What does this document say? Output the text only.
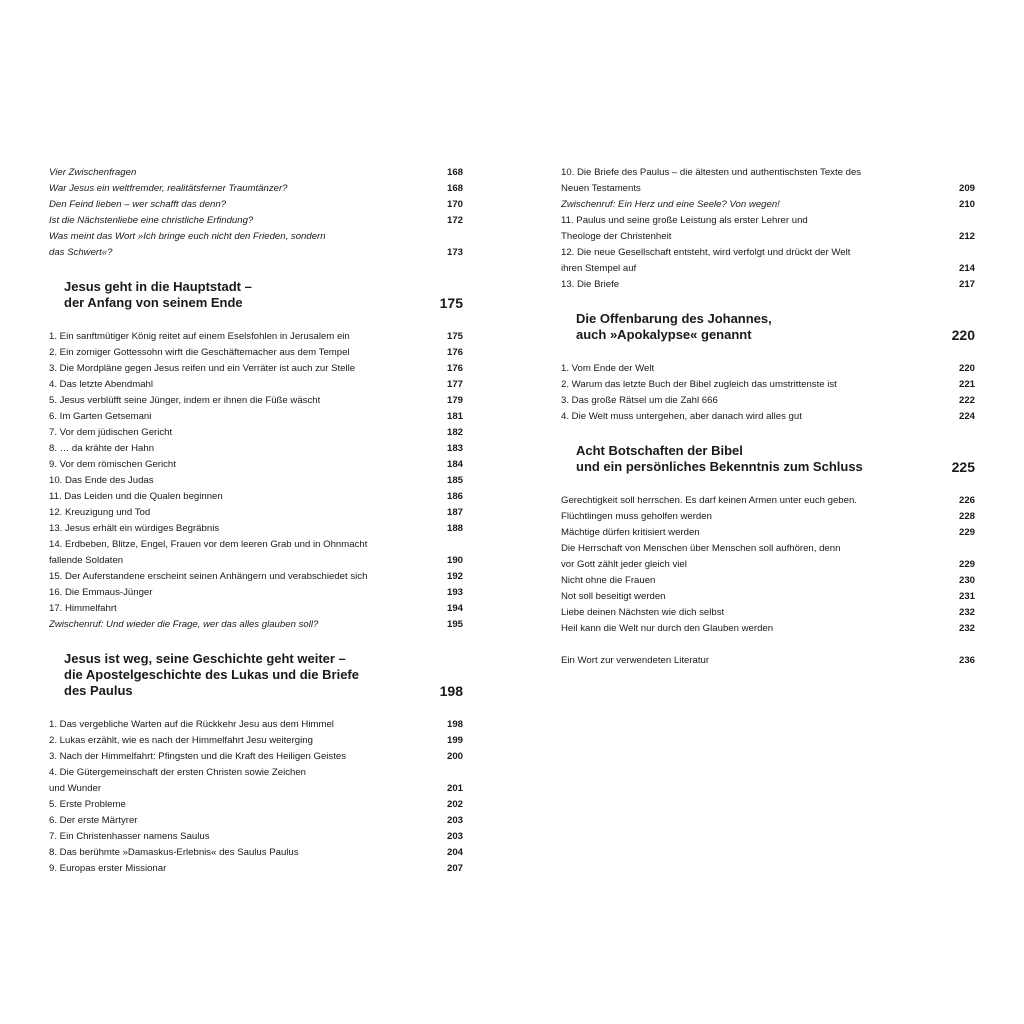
Vier Zwischenfragen	168
War Jesus ein weltfremder, realitätsferner Traumtänzer?	168
Den Feind lieben – wer schafft das denn?	170
Ist die Nächstenliebe eine christliche Erfindung?	172
Was meint das Wort »Ich bringe euch nicht den Frieden, sondern
das Schwert«?	173
Jesus geht in die Hauptstadt –
der Anfang von seinem Ende	175
1. Ein sanftmütiger König reitet auf einem Eselsfohlen in Jerusalem ein	175
2. Ein zorniger Gottessohn wirft die Geschäftemacher aus dem Tempel	176
3. Die Mordpläne gegen Jesus reifen und ein Verräter ist auch zur Stelle	176
4. Das letzte Abendmahl	177
5. Jesus verblüfft seine Jünger, indem er ihnen die Füße wäscht	179
6. Im Garten Getsemani	181
7. Vor dem jüdischen Gericht	182
8. … da krähte der Hahn	183
9. Vor dem römischen Gericht	184
10. Das Ende des Judas	185
11. Das Leiden und die Qualen beginnen	186
12. Kreuzigung und Tod	187
13. Jesus erhält ein würdiges Begräbnis	188
14. Erdbeben, Blitze, Engel, Frauen vor dem leeren Grab und in Ohnmacht
fallende Soldaten	190
15. Der Auferstandene erscheint seinen Anhängern und verabschiedet sich	192
16. Die Emmaus-Jünger	193
17. Himmelfahrt	194
Zwischenruf: Und wieder die Frage, wer das alles glauben soll?	195
Jesus ist weg, seine Geschichte geht weiter –
die Apostelgeschichte des Lukas und die Briefe
des Paulus	198
1. Das vergebliche Warten auf die Rückkehr Jesu aus dem Himmel	198
2. Lukas erzählt, wie es nach der Himmelfahrt Jesu weiterging	199
3. Nach der Himmelfahrt: Pfingsten und die Kraft des Heiligen Geistes	200
4. Die Gütergemeinschaft der ersten Christen sowie Zeichen
und Wunder	201
5. Erste Probleme	202
6. Der erste Märtyrer	203
7. Ein Christenhasser namens Saulus	203
8. Das berühmte »Damaskus-Erlebnis« des Saulus Paulus	204
9. Europas erster Missionar	207
10. Die Briefe des Paulus – die ältesten und authentischsten Texte des
Neuen Testaments	209
Zwischenruf: Ein Herz und eine Seele? Von wegen!	210
11. Paulus und seine große Leistung als erster Lehrer und
Theologe der Christenheit	212
12. Die neue Gesellschaft entsteht, wird verfolgt und drückt der Welt
ihren Stempel auf	214
13. Die Briefe	217
Die Offenbarung des Johannes,
auch »Apokalypse« genannt	220
1. Vom Ende der Welt	220
2. Warum das letzte Buch der Bibel zugleich das umstrittenste ist	221
3. Das große Rätsel um die Zahl 666	222
4. Die Welt muss untergehen, aber danach wird alles gut	224
Acht Botschaften der Bibel
und ein persönliches Bekenntnis zum Schluss	225
Gerechtigkeit soll herrschen. Es darf keinen Armen unter euch geben.	226
Flüchtlingen muss geholfen werden	228
Mächtige dürfen kritisiert werden	229
Die Herrschaft von Menschen über Menschen soll aufhören, denn
vor Gott zählt jeder gleich viel	229
Nicht ohne die Frauen	230
Not soll beseitigt werden	231
Liebe deinen Nächsten wie dich selbst	232
Heil kann die Welt nur durch den Glauben werden	232
Ein Wort zur verwendeten Literatur	236
